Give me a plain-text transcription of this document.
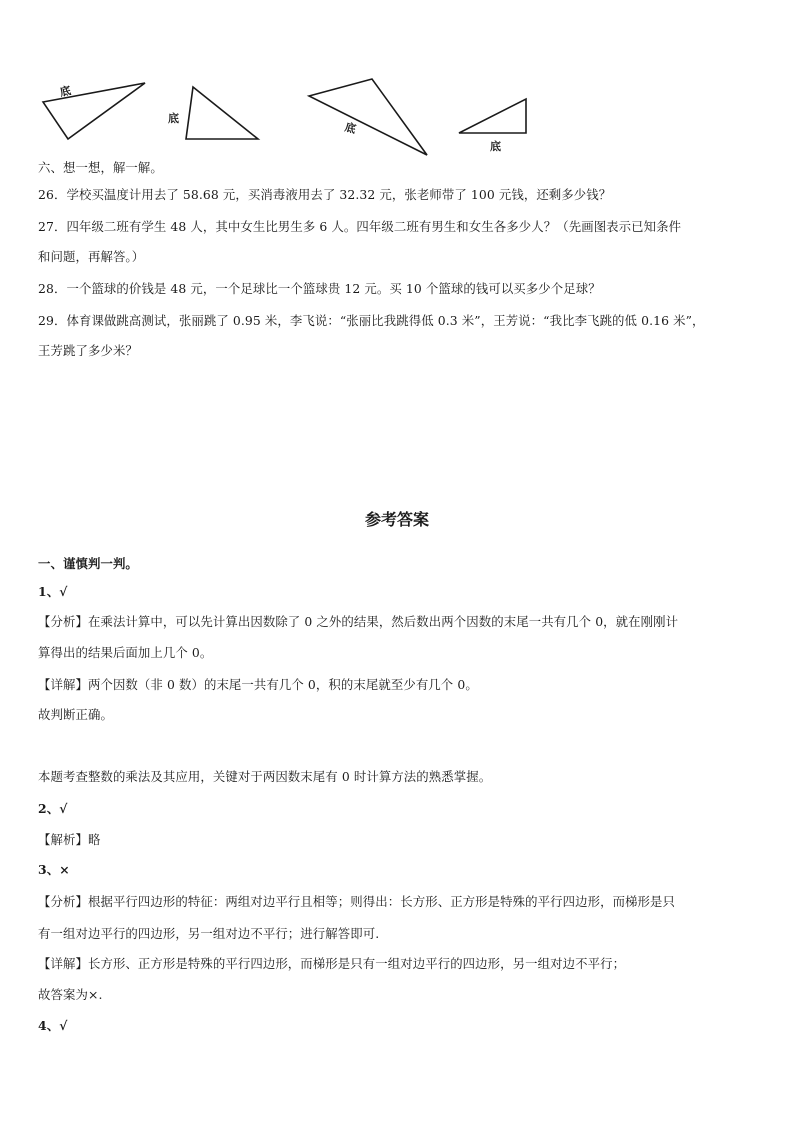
底
底
底
底
六、想一想，解一解。
26．学校买温度计用去了 58.68 元，买消毒液用去了 32.32 元，张老师带了 100 元钱，还剩多少钱？
27．四年级二班有学生 48 人，其中女生比男生多 6 人。四年级二班有男生和女生各多少人？（先画图表示已知条件
和问题，再解答。）
28．一个篮球的价钱是 48 元，一个足球比一个篮球贵 12 元。买 10 个篮球的钱可以买多少个足球？
29．体育课做跳高测试，张丽跳了 0.95 米，李飞说：“张丽比我跳得低 0.3 米”，王芳说：“我比李飞跳的低 0.16 米”，
王芳跳了多少米？
参考答案
一、谨慎判一判。
1、√
【分析】在乘法计算中，可以先计算出因数除了 0 之外的结果，然后数出两个因数的末尾一共有几个 0，就在刚刚计
算得出的结果后面加上几个 0。
【详解】两个因数（非 0 数）的末尾一共有几个 0，积的末尾就至少有几个 0。
故判断正确。
本题考查整数的乘法及其应用，关键对于两因数末尾有 0 时计算方法的熟悉掌握。
2、√
【解析】略
3、×
【分析】根据平行四边形的特征：两组对边平行且相等；则得出：长方形、正方形是特殊的平行四边形，而梯形是只
有一组对边平行的四边形，另一组对边不平行；进行解答即可.
【详解】长方形、正方形是特殊的平行四边形，而梯形是只有一组对边平行的四边形，另一组对边不平行；
故答案为×.
4、√
